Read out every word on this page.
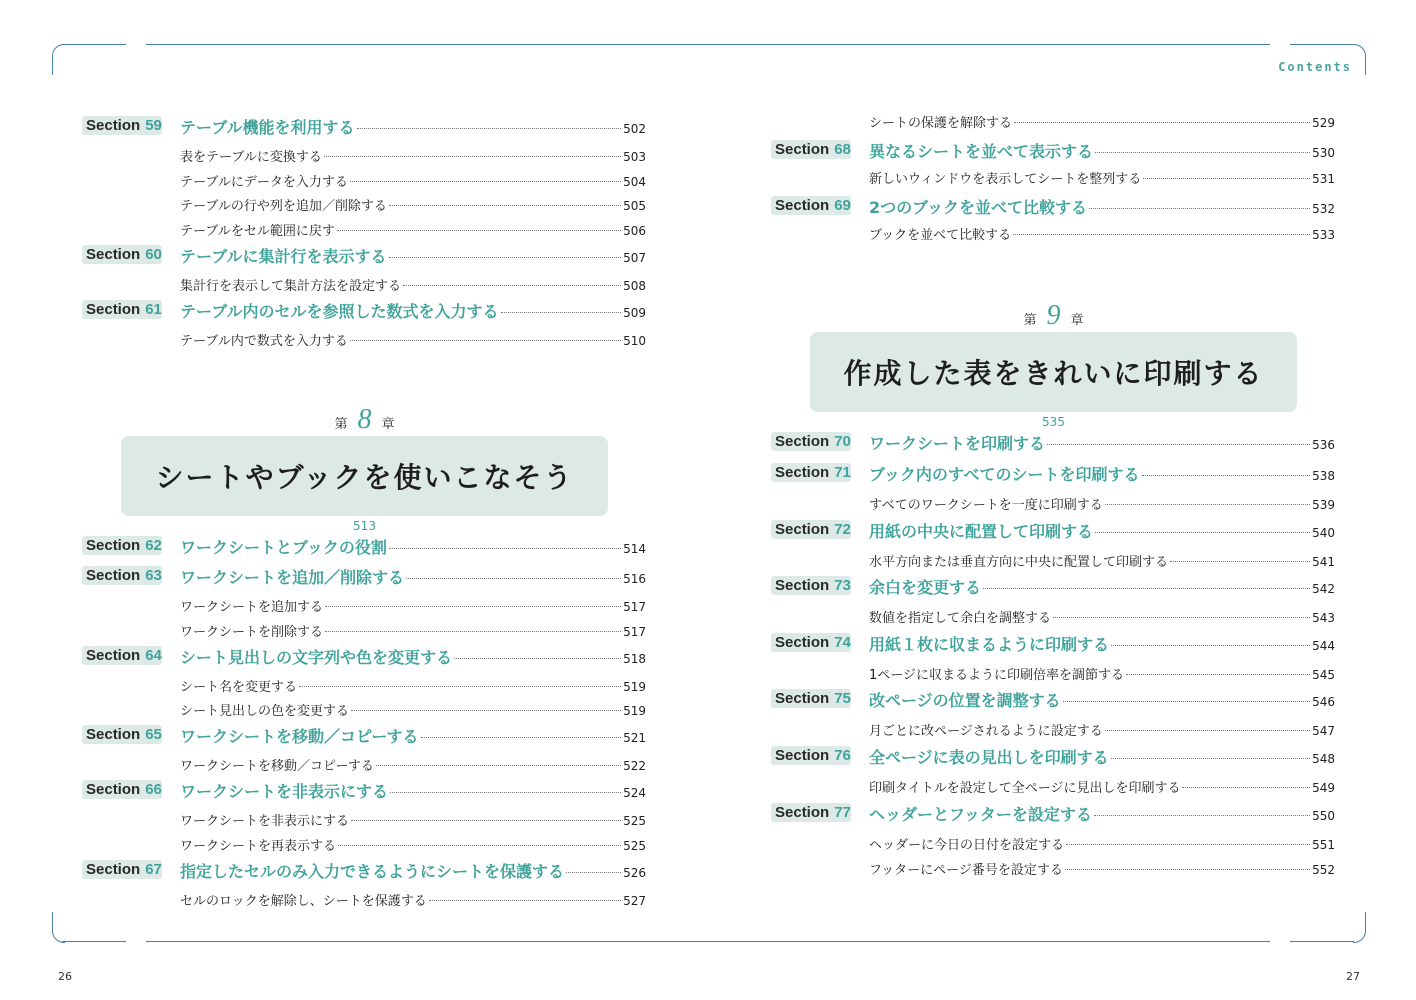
Contents
26	27
Section 59 テーブル機能を利用する	502
表をテーブルに変換する	503
テーブルにデータを入力する	504
テーブルの行や列を追加／削除する	505
テーブルをセル範囲に戻す	506
Section 60 テーブルに集計行を表示する	507
集計行を表示して集計方法を設定する	508
Section 61 テーブル内のセルを参照した数式を入力する	509
テーブル内で数式を入力する	510
第 8 章
シートやブックを使いこなそう
513
Section 62 ワークシートとブックの役割	514
Section 63 ワークシートを追加／削除する	516
ワークシートを追加する	517
ワークシートを削除する	517
Section 64 シート見出しの文字列や色を変更する	518
シート名を変更する	519
シート見出しの色を変更する	519
Section 65 ワークシートを移動／コピーする	521
ワークシートを移動／コピーする	522
Section 66 ワークシートを非表示にする	524
ワークシートを非表示にする	525
ワークシートを再表示する	525
Section 67 指定したセルのみ入力できるようにシートを保護する	526
セルのロックを解除し、シートを保護する	527
シートの保護を解除する	529
Section 68 異なるシートを並べて表示する	530
新しいウィンドウを表示してシートを整列する	531
Section 69 2つのブックを並べて比較する	532
ブックを並べて比較する	533
第 9 章
作成した表をきれいに印刷する
535
Section 70 ワークシートを印刷する	536
Section 71 ブック内のすべてのシートを印刷する	538
すべてのワークシートを一度に印刷する	539
Section 72 用紙の中央に配置して印刷する	540
水平方向または垂直方向に中央に配置して印刷する	541
Section 73 余白を変更する	542
数値を指定して余白を調整する	543
Section 74 用紙１枚に収まるように印刷する	544
1ページに収まるように印刷倍率を調節する	545
Section 75 改ページの位置を調整する	546
月ごとに改ページされるように設定する	547
Section 76 全ページに表の見出しを印刷する	548
印刷タイトルを設定して全ページに見出しを印刷する	549
Section 77 ヘッダーとフッターを設定する	550
ヘッダーに今日の日付を設定する	551
フッターにページ番号を設定する	552
